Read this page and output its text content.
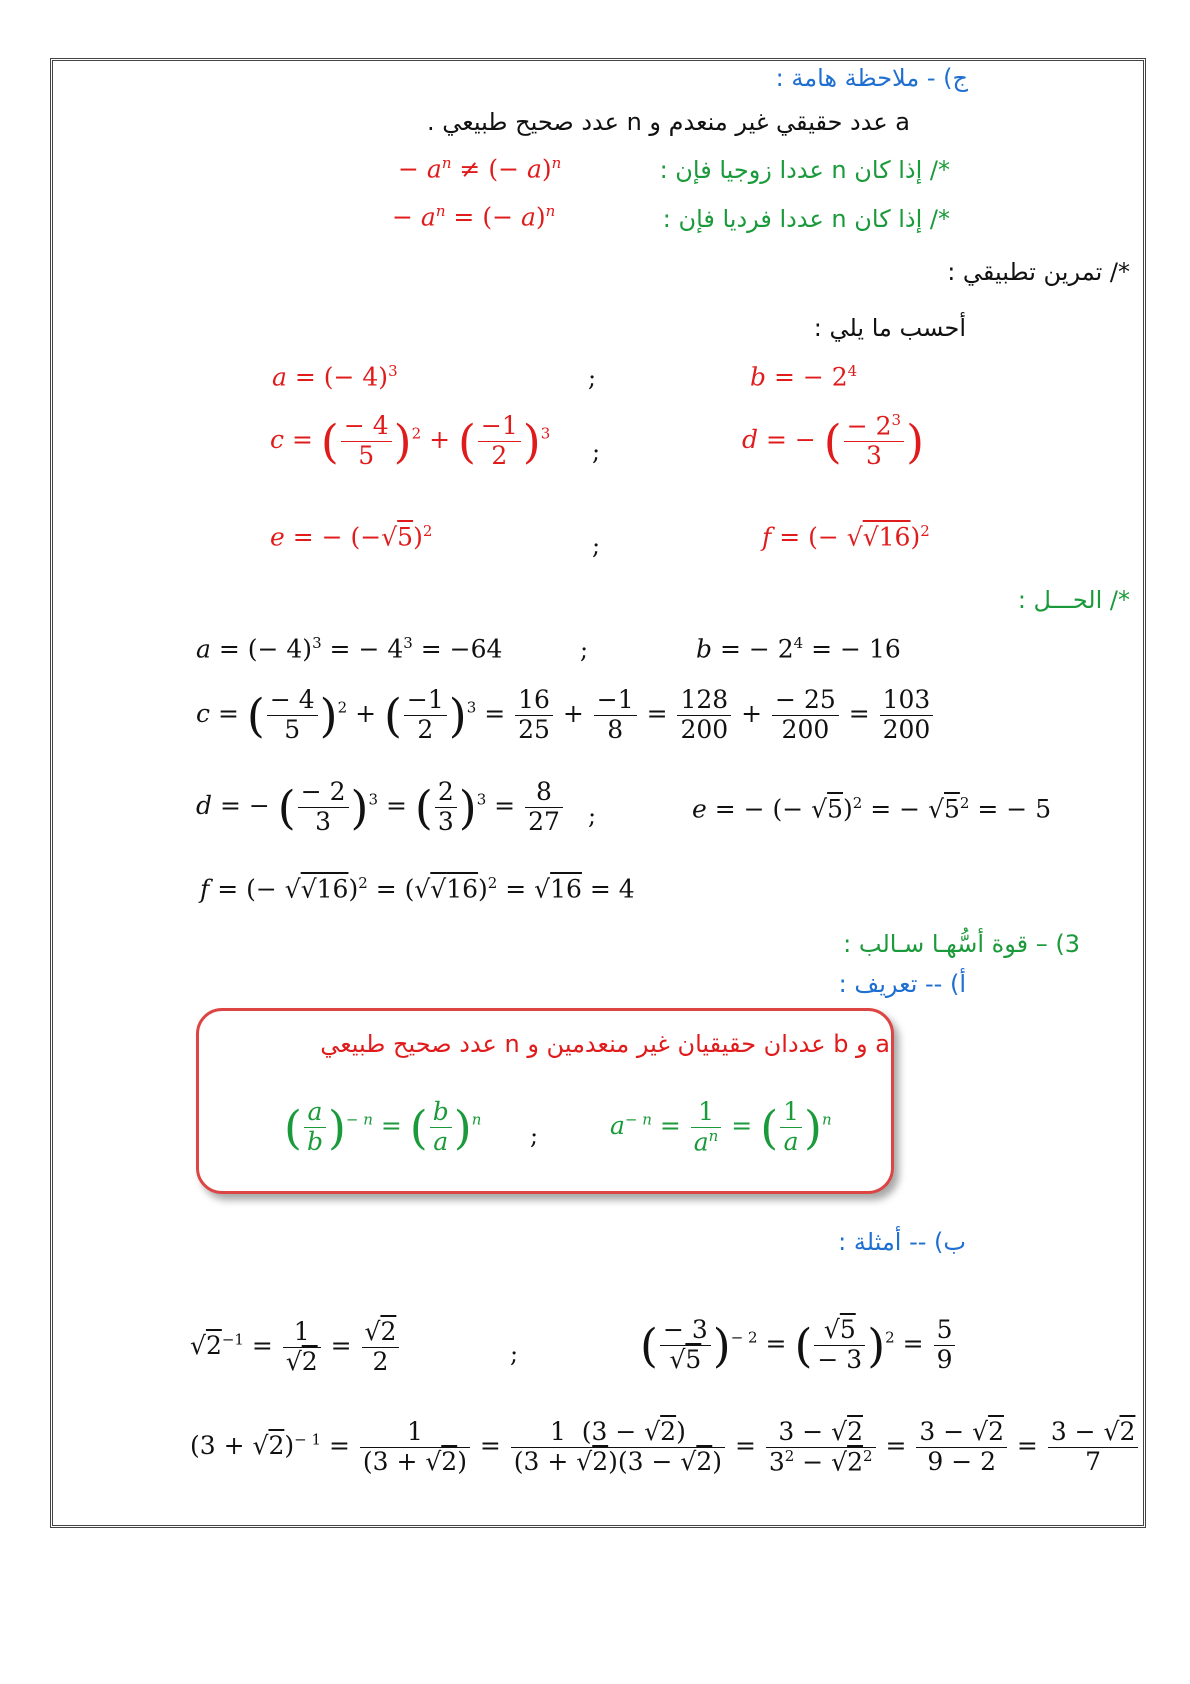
ج) - ملاحظة هامة :
a عدد حقيقي غير منعدم و n عدد صحيح طبيعي .
*/ إذا كان n عددا زوجيا فإن :
− $a^n$ ≠ (− a)$^n$
*/ إذا كان n عددا فرديا فإن :
− $a^n$ = (− a)$^n$
*/ تمرين تطبيقي :
أحسب ما يلي :
a = (− 4)$^3$	;	b = − $2^4$
c = ( $\frac{- 4}{5} )^2$ + ( $\frac{-1}{2} )^3$
;	d = − ( $\frac{- 2^3}{3}$ )
e = − $(-√5)^2$
;	f = (− √√16)$^2$
*/ الحـــل :
a = (− 4)$^3$ = − $4^3 = -64$	;	b = − $2^4$ = − 16
c = ( $\frac{- 4}{5} )^2$ + ( $\frac{-1}{2} )^3 = \frac{16}{25} + \frac{-1}{8} = \frac{128}{200} + \frac{- 25}{200} = \frac{103}{200}$
d = − ( $\frac{- 2}{3} )^3$ = ( $\frac{2}{3} )^3 = \frac{8}{27}$ ;	e = − (− √5)$^2$ = − $√5^2$ = − 5
f = (− $√√16)^2 = (√√16)^2 = √16 = 4$
3) – قوة أسُّهـا سـالب :
أ) -- تعريف :
a و b عددان حقيقيان غير منعدمين و n عدد صحيح طبيعي
( $\frac{a}{b} )^{- n}$ = ( $\frac{b}{a} )^n$
;	$a^{- n} = \frac{1}{a^n}$ = ( $\frac{1}{a} )^n$
ب) -- أمثلة :
$√2^{-1} = \frac{1}{√2} = \frac{√2}{2}$	;	( $\frac{- 3}{√5} )^{- 2}$ = ( $\frac{√5}{- 3} )^2 = \frac{5}{9}$
$(3 + √2)^{- 1} = \frac{1}{(3 + √2)} = \frac{1 (3 - √2)}{(3 + √2)(3 - √2)} = \frac{3 - √2}{3^2 - √2^2} = \frac{3 - √2}{9 - 2} = \frac{3 - √2}{7}$
